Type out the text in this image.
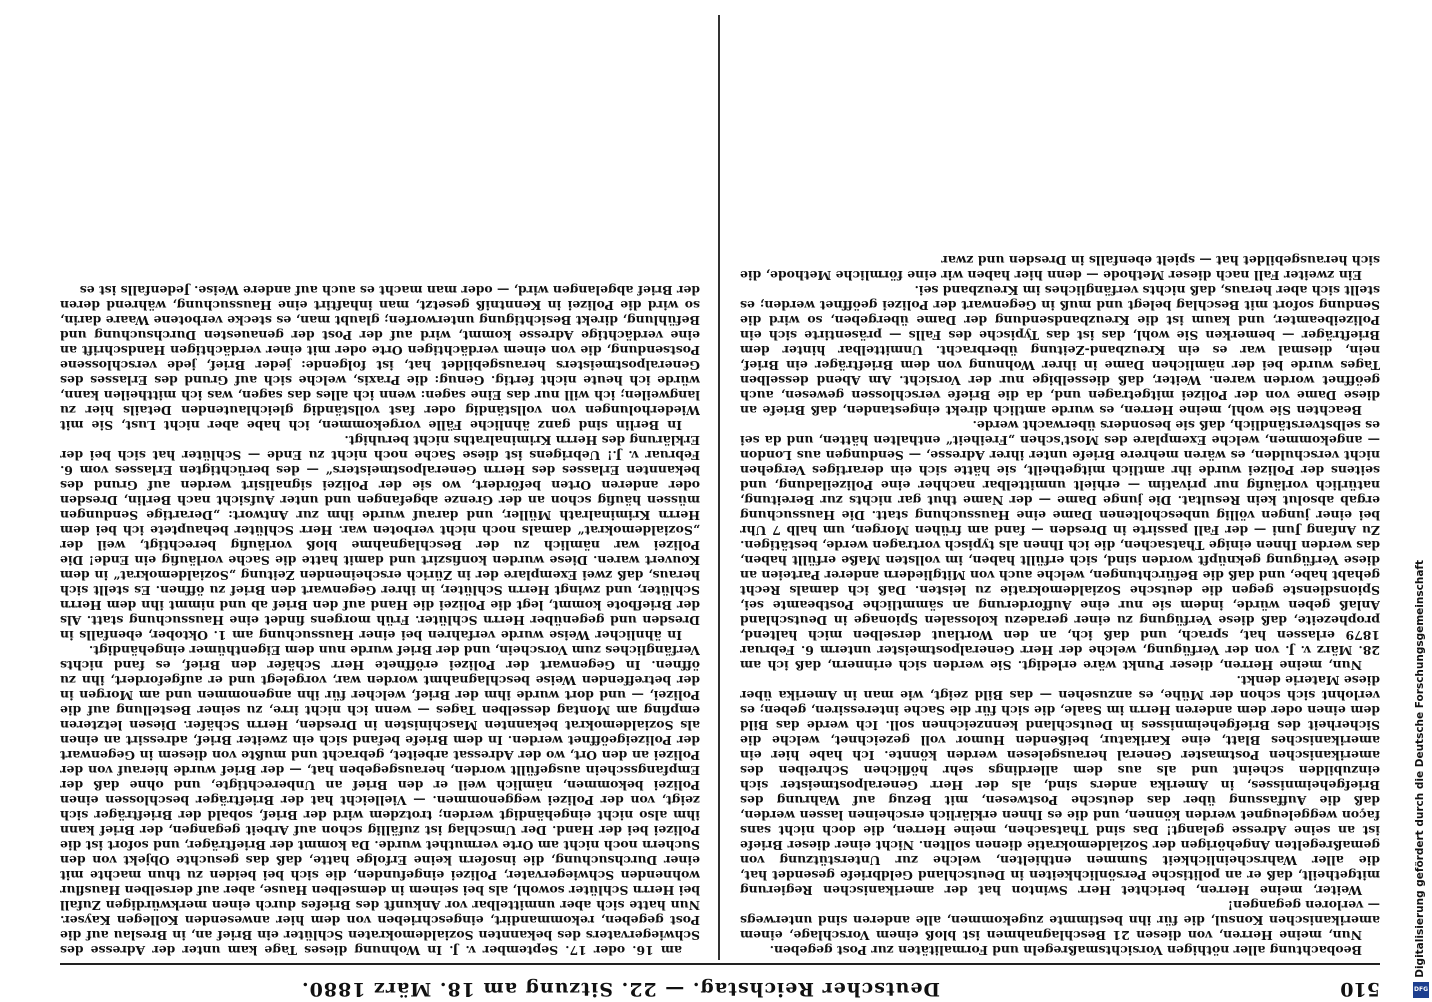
510
Deutscher Reichstag. — 22. Sitzung am 18. März 1880.

Beobachtung aller nöthigen Vorsichtsmaßregeln und Formalitäten zur Post gegeben.

Nun, meine Herren, von diesen 21 Beschlagnahmen ist bloß einem Vorschlage, einem amerikanischen Konsul, die für ihn bestimmte zugekommen, alle anderen sind unterwegs — verloren gegangen!

Weiter, meine Herren, berichtet Herr Swinton hat der amerikanischen Regierung mitgetheilt, daß er an politische Persönlichkeiten in Deutschland Geldbriefe gesendet hat, die aller Wahrscheinlichkeit Summen enthielten, welche zur Unterstützung von gemaßregelten Angehörigen der Sozialdemokratie dienen sollten. Nicht einer dieser Briefe ist an seine Adresse gelangt! Das sind Thatsachen, meine Herren, die doch nicht sans façon weggeleugnet werden können, und die es Ihnen erklärlich erscheinen lassen werden, daß die Auffassung über das deutsche Postwesen, mit Bezug auf Wahrung des Briefgeheimnisses, in Amerika anders sind, als der Herr Generalpostmeister sich einzubilden scheint und als aus dem allerdings sehr höflichen Schreiben des amerikanischen Postmaster General herausgelesen werden könnte. Ich habe hier ein amerikanisches Blatt, eine Karikatur, beißenden Humor voll gezeichnet, welche die Sicherheit des Briefgeheimnisses in Deutschland kennzeichnen soll. Ich werde das Bild dem einen oder dem anderen Herrn im Saale, die sich für die Sache interessiren, geben; es verlohnt sich schon der Mühe, es anzusehen — das Bild zeigt, wie man in Amerika über diese Materie denkt.

Nun, meine Herren, dieser Punkt wäre erledigt. Sie werden sich erinnern, daß ich am 28. März v. J. von der Verfügung, welche der Herr Generalpostmeister unterm 6. Februar 1879 erlassen hat, sprach, und daß ich, an den Wortlaut derselben mich haltend, prophezeite, daß diese Verfügung zu einer geradezu kolossalen Spionage in Deutschland Anlaß geben würde, indem sie nur eine Aufforderung an sämmtliche Postbeamte sei, Spionsdienste gegen die deutsche Sozialdemokratie zu leisten. Daß ich damals Recht gehabt habe, und daß die Befürchtungen, welche auch von Mitgliedern anderer Parteien an diese Verfügung geknüpft worden sind, sich erfüllt haben, im vollsten Maße erfüllt haben, das werden Ihnen einige Thatsachen, die ich Ihnen als typisch vortragen werde, bestätigen. Zu Anfang Juni — der Fall passirte in Dresden — fand am frühen Morgen, um halb 7 Uhr bei einer jungen völlig unbescholtenen Dame eine Haussuchung statt. Die Haussuchung ergab absolut kein Resultat. Die junge Dame — der Name thut gar nichts zur Bereitung, natürlich vorläufig nur privatim — erhielt unmittelbar nachher eine Polizeiladung, und seitens der Polizei wurde ihr amtlich mitgetheilt, sie hätte sich ein derartiges Vergehen nicht verschulden, es wären mehrere Briefe unter ihrer Adresse, — Sendungen aus London — angekommen, welche Exemplare des Most'schen „Freiheit“ enthalten hätten, und da sei es selbstverständlich, daß sie besonders überwacht werde.

Beachten Sie wohl, meine Herren, es wurde amtlich direkt eingestanden, daß Briefe an diese Dame von der Polizei mitgetragen und, da die Briefe verschlossen gewesen, auch geöffnet worden waren. Weiter, daß diesselbige nur der Vorsicht. Am Abend desselben Tages wurde bei der nämlichen Dame in ihrer Wohnung von dem Briefträger ein Brief, nein, diesmal war es ein Kreuzband-Zeitung überbracht. Unmittelbar hinter dem Briefträger — bemerken Sie wohl, das ist das Typische des Falls — präsentirte sich ein Polizeibeamter, und kaum ist die Kreuzbandsendung der Dame übergeben, so wird die Sendung sofort mit Beschlag belegt und muß in Gegenwart der Polizei geöffnet werden; es stellt sich aber heraus, daß nichts verfängliches im Kreuzband sei.

Ein zweiter Fall nach dieser Methode — denn hier haben wir eine förmliche Methode, die sich herausgebildet hat — spielt ebenfalls in Dresden und zwar

am 16. oder 17. September v. J. In Wohnung dieses Tage kam unter der Adresse des Schwiegervaters des bekannten Sozialdemokraten Schlüter ein Brief an, in Breslau auf die Post gegeben, rekommandirt, eingeschrieben von dem hier anwesenden Kollegen Kayser. Nun hatte sich aber unmittelbar vor Ankunft des Briefes durch einen merkwürdigen Zufall bei Herrn Schlüter sowohl, als bei seinem in demselben Hause, aber auf derselben Hausflur wohnenden Schwiegervater, Polizei eingefunden, die sich bei beiden zu thun machte mit einer Durchsuchung, die insofern keine Erfolge hatte, daß das gesuchte Objekt von den Suchern noch nicht am Orte vermuthet wurde. Da kommt der Briefträger, und sofort ist die Polizei bei der Hand. Der Umschlag ist zufällig schon auf Arbeit gegangen, der Brief kann ihm also nicht eingehändigt werden; trotzdem wird der Brief, sobald der Briefträger sich zeigt, von der Polizei weggenommen. — Vielleicht hat der Briefträger beschlossen einen Polizei bekommen, nämlich weil er den Brief an Unberechtigte, und ohne daß der Empfangsschein ausgefüllt worden, herausgegeben hat, — der Brief wurde hierauf von der Polizei an den Ort, wo der Adressat arbeitet, gebracht und mußte von diesem in Gegenwart der Polizeigeöffnet werden. In dem Briefe befand sich ein zweiter Brief, adressirt an einen als Sozialdemokrat bekannten Maschinisten in Dresden, Herrn Schäfer. Diesen letzteren empfing am Montag desselben Tages — wenn ich nicht irre, zu seiner Bestellung auf die Polizei, — und dort wurde ihm der Brief, welcher für ihn angenommen und am Morgen in der betreffenden Weise beschlagnahmt worden war, vorgelegt und er aufgefordert, ihn zu öffnen. In Gegenwart der Polizei eröffnete Herr Schäfer den Brief, es fand nichts Verfängliches zum Vorschein, und der Brief wurde nun dem Eigenthümer eingehändigt.

In ähnlicher Weise wurde verfahren bei einer Haussuchung am 1. Oktober, ebenfalls in Dresden und gegenüber Herrn Schlüter. Früh morgens findet eine Haussuchung statt. Als der Briefbote kommt, legt die Polizei die Hand auf den Brief ab und nimmt ihn dem Herrn Schlüter, und zwingt Herrn Schlüter, in ihrer Gegenwart den Brief zu öffnen. Es stellt sich heraus, daß zwei Exemplare der in Zürich erscheinenden Zeitung „Sozialdemokrat“ in dem Kouvert waren. Diese wurden konfiszirt und damit hatte die Sache vorläufig ein Ende! Die Polizei war nämlich zu der Beschlagnahme bloß vorläufig berechtigt, weil der „Sozialdemokrat“ damals noch nicht verboten war. Herr Schlüter behauptete ich bei dem Herrn Kriminalrath Müller, und darauf wurde ihm zur Antwort: „Derartige Sendungen müssen häufig schon an der Grenze abgefangen und unter Aufsicht nach Berlin, Dresden oder anderen Orten befördert, wo sie der Polizei signalisirt werden auf Grund des bekannten Erlasses des Herrn Generalpostmeisters“ — des berüchtigten Erlasses vom 6. Februar v. J.! Uebrigens ist diese Sache noch nicht zu Ende — Schlüter hat sich bei der Erklärung des Herrn Kriminalraths nicht beruhigt.

In Berlin sind ganz ähnliche Fälle vorgekommen, ich habe aber nicht Lust, Sie mit Wiederholungen von vollständig oder fast vollständig gleichlautenden Details hier zu langweilen; ich will nur das Eine sagen: wenn ich alles das sagen, was ich mittheilen kann, würde ich heute nicht fertig. Genug: die Praxis, welche sich auf Grund des Erlasses des Generalpostmeisters herausgebildet hat, ist folgende: jeder Brief, jede verschlossene Postsendung, die von einem verdächtigen Orte oder mit einer verdächtigen Handschrift an eine verdächtige Adresse kommt, wird auf der Post der genauesten Durchsuchung und Befühlung, direkt Besichtigung unterworfen; glaubt man, es stecke verbotene Waare darin, so wird die Polizei in Kenntniß gesetzt, man inhaftirt eine Haussuchung, während deren der Brief abgelangen wird, — oder man macht es auch auf andere Weise. Jedenfalls ist es

Digitalisierung gefördert durch die Deutsche Forschungsgemeinschaft
DFG
